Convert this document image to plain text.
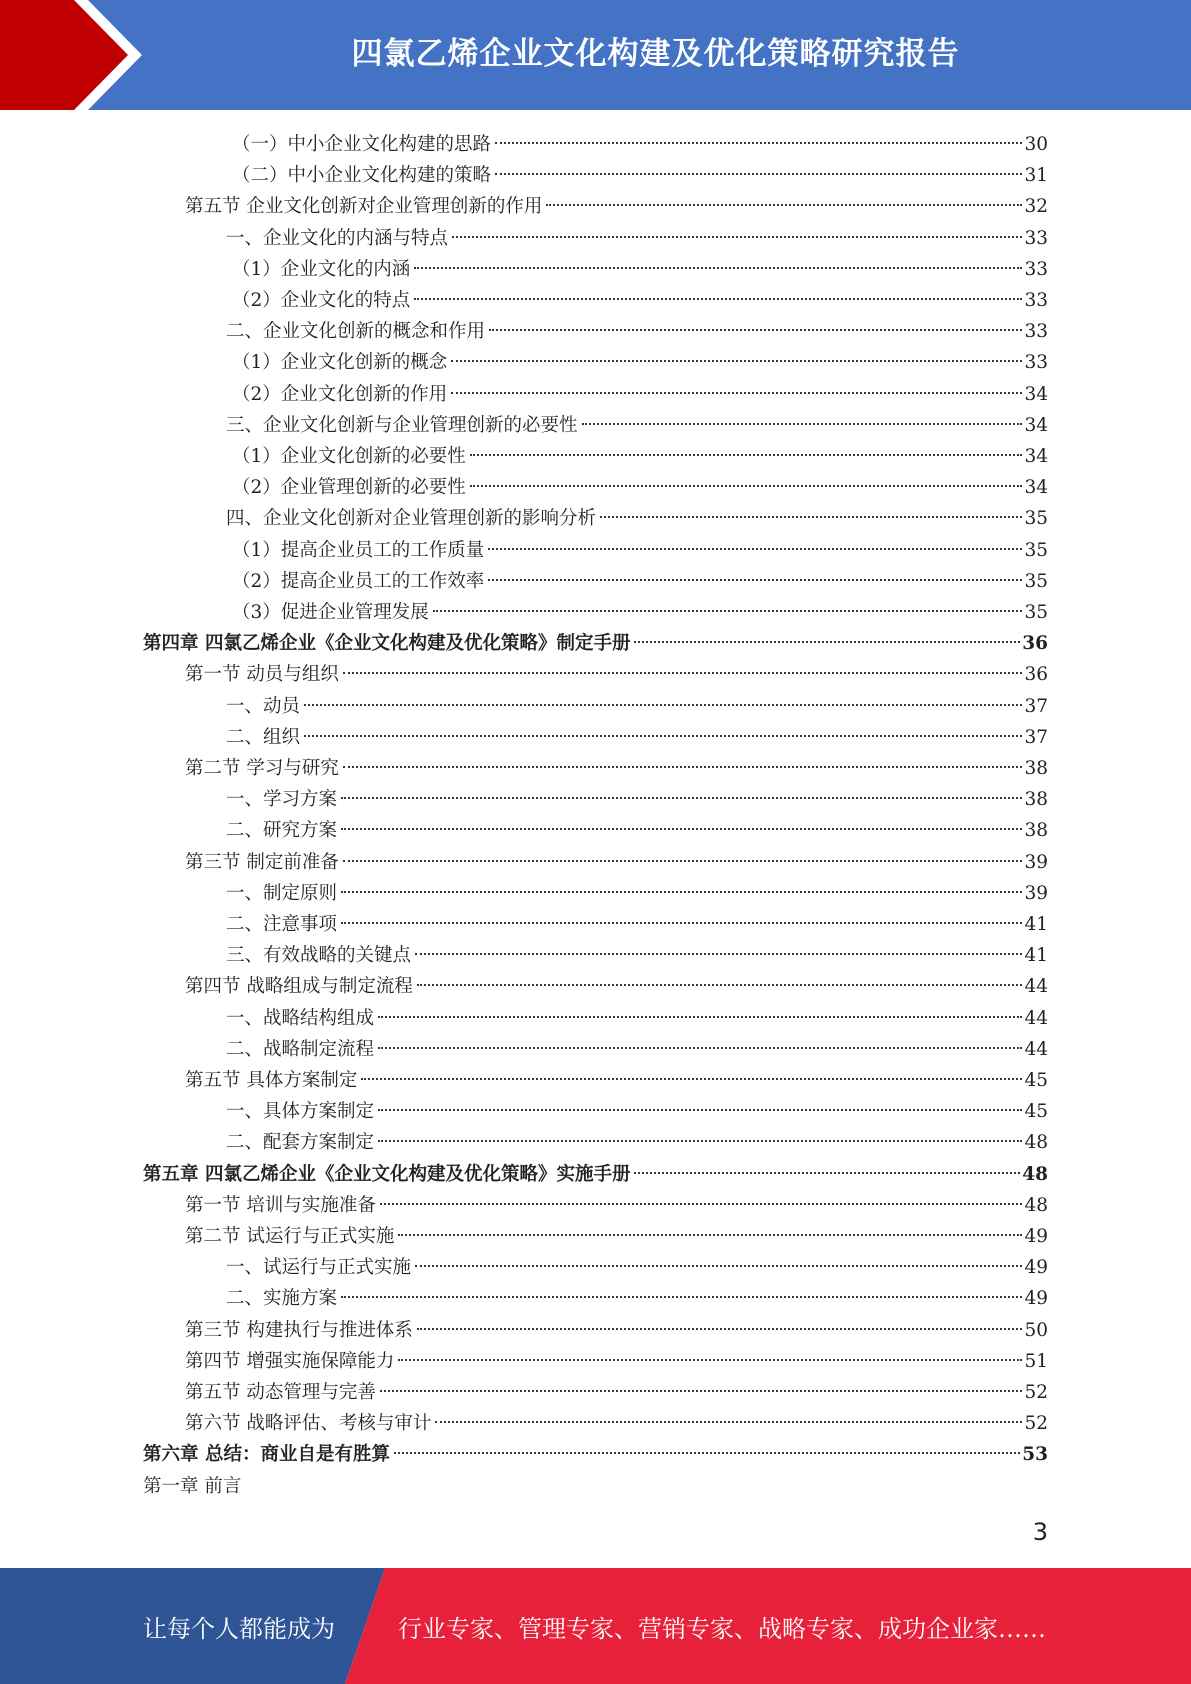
四氯乙烯企业文化构建及优化策略研究报告
（一）中小企业文化构建的思路	30
（二）中小企业文化构建的策略	31
第五节 企业文化创新对企业管理创新的作用	32
一、企业文化的内涵与特点	33
（1）企业文化的内涵	33
（2）企业文化的特点	33
二、企业文化创新的概念和作用	33
（1）企业文化创新的概念	33
（2）企业文化创新的作用	34
三、企业文化创新与企业管理创新的必要性	34
（1）企业文化创新的必要性	34
（2）企业管理创新的必要性	34
四、企业文化创新对企业管理创新的影响分析	35
（1）提高企业员工的工作质量	35
（2）提高企业员工的工作效率	35
（3）促进企业管理发展	35
第四章 四氯乙烯企业《企业文化构建及优化策略》制定手册	36
第一节 动员与组织	36
一、动员	37
二、组织	37
第二节 学习与研究	38
一、学习方案	38
二、研究方案	38
第三节 制定前准备	39
一、制定原则	39
二、注意事项	41
三、有效战略的关键点	41
第四节 战略组成与制定流程	44
一、战略结构组成	44
二、战略制定流程	44
第五节 具体方案制定	45
一、具体方案制定	45
二、配套方案制定	48
第五章 四氯乙烯企业《企业文化构建及优化策略》实施手册	48
第一节 培训与实施准备	48
第二节 试运行与正式实施	49
一、试运行与正式实施	49
二、实施方案	49
第三节 构建执行与推进体系	50
第四节 增强实施保障能力	51
第五节 动态管理与完善	52
第六节 战略评估、考核与审计	52
第六章 总结：商业自是有胜算	53
第一章 前言
3
让每个人都能成为	行业专家、管理专家、营销专家、战略专家、成功企业家……
